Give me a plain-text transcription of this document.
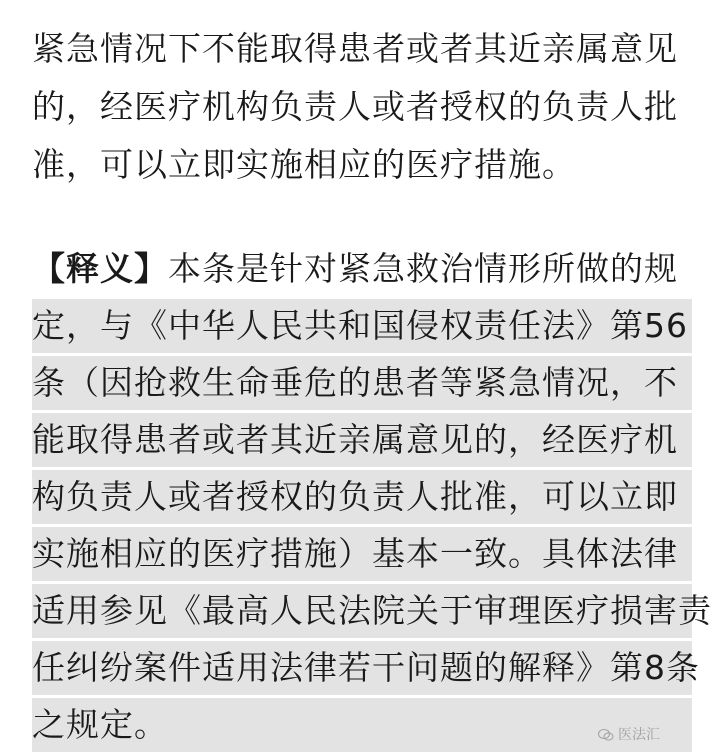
紧急情况下不能取得患者或者其近亲属意见
的，经医疗机构负责人或者授权的负责人批
准，可以立即实施相应的医疗措施。
【释义】本条是针对紧急救治情形所做的规
定，与《中华人民共和国侵权责任法》第56
条（因抢救生命垂危的患者等紧急情况，不
能取得患者或者其近亲属意见的，经医疗机
构负责人或者授权的负责人批准，可以立即
实施相应的医疗措施）基本一致。具体法律
适用参见《最高人民法院关于审理医疗损害责
任纠纷案件适用法律若干问题的解释》第8条
之规定。	医法汇
